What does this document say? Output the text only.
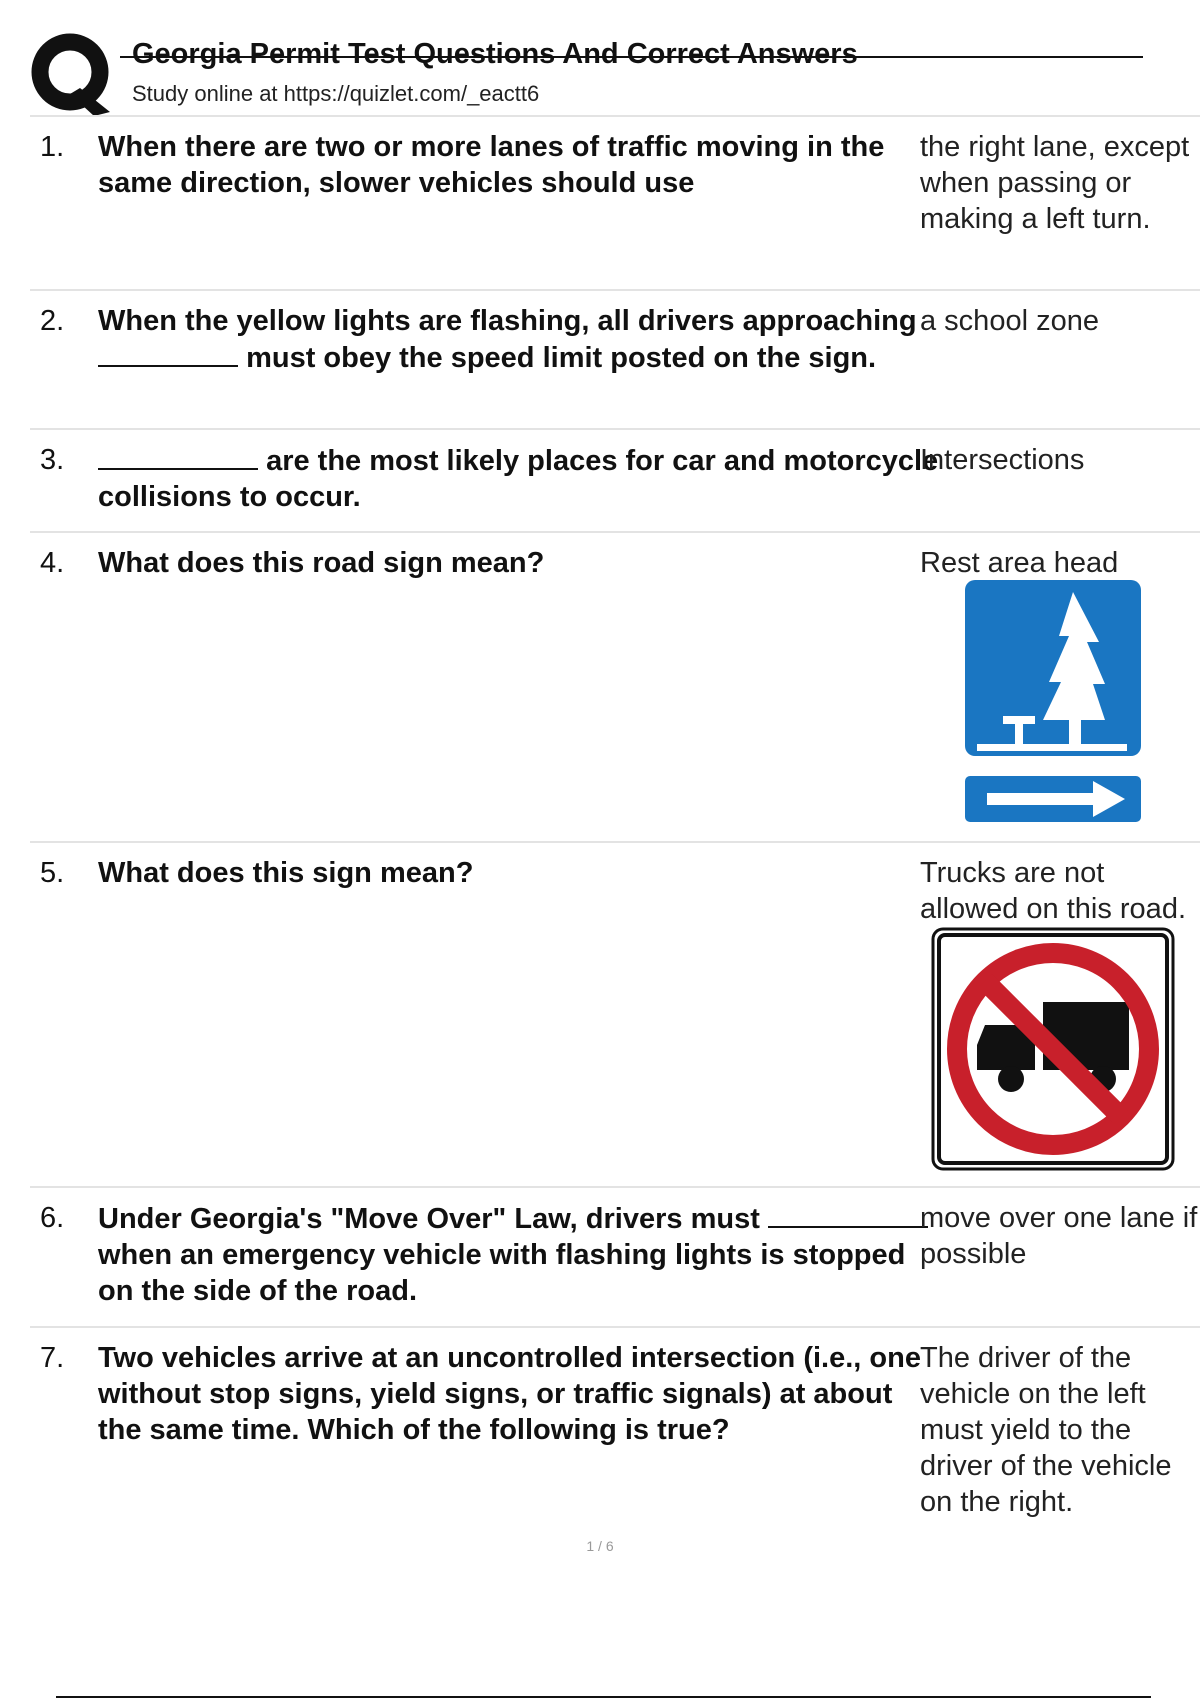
Georgia Permit Test Questions And Correct Answers
Study online at https://quizlet.com/_eactt6
1.	When there are two or more lanes of traffic moving in the same direction, slower vehicles should use
the right lane, except when passing or making a left turn.
2.	When the yellow lights are flashing, all drivers approaching  must obey the speed limit posted on the sign.
a school zone
3.	are the most likely places for car and motorcycle collisions to occur.
Intersections
4.	What does this road sign mean?	Rest area head
5.	What does this sign mean?	Trucks are not allowed on this road.
6.	Under Georgia's "Move Over" Law, drivers must  when an emergency vehicle with flashing lights is stopped on the side of the road.
move over one lane if possible
7.	Two vehicles arrive at an uncontrolled intersection (i.e., one without stop signs, yield signs, or traffic signals) at about the same time. Which of the following is true?
The driver of the vehicle on the left must yield to the driver of the vehicle on the right.
1 / 6
